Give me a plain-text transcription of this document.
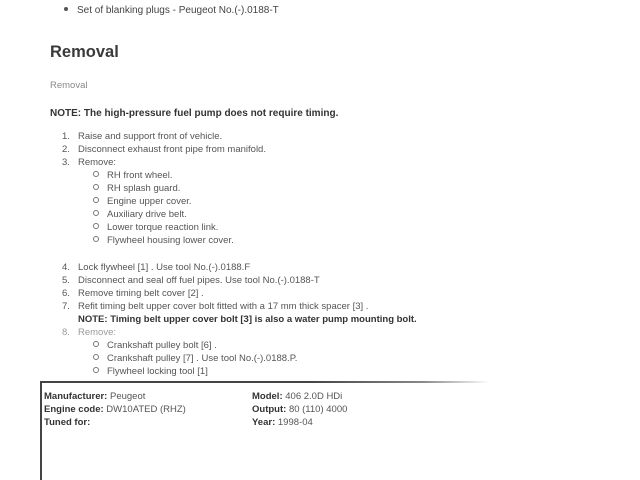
Set of blanking plugs - Peugeot No.(-).0188-T
Removal
Removal
NOTE: The high-pressure fuel pump does not require timing.
1. Raise and support front of vehicle.
2. Disconnect exhaust front pipe from manifold.
3. Remove:
RH front wheel.
RH splash guard.
Engine upper cover.
Auxiliary drive belt.
Lower torque reaction link.
Flywheel housing lower cover.
4. Lock flywheel [1] . Use tool No.(-).0188.F
5. Disconnect and seal off fuel pipes. Use tool No.(-).0188-T
6. Remove timing belt cover [2] .
7. Refit timing belt upper cover bolt fitted with a 17 mm thick spacer [3] .
NOTE: Timing belt upper cover bolt [3] is also a water pump mounting bolt.
8. Remove:
Crankshaft pulley bolt [6] .
Crankshaft pulley [7] . Use tool No.(-).0188.P.
Flywheel locking tool [1]
Manufacturer: Peugeot
Engine code: DW10ATED (RHZ)
Tuned for:
Model: 406 2.0D HDi
Output: 80 (110) 4000
Year: 1998-04
